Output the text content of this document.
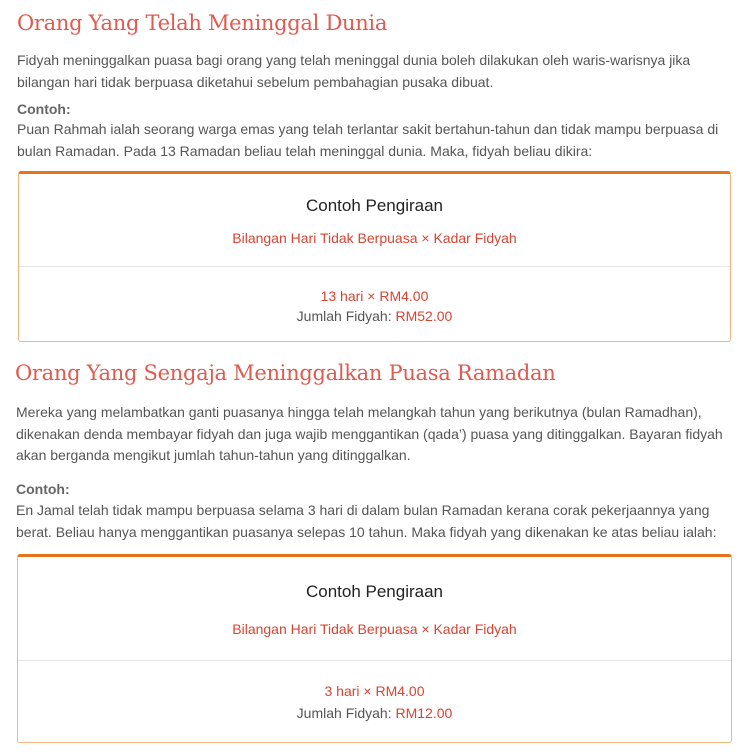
Orang Yang Telah Meninggal Dunia

Fidyah meninggalkan puasa bagi orang yang telah meninggal dunia boleh dilakukan oleh waris-warisnya jika bilangan hari tidak berpuasa diketahui sebelum pembahagian pusaka dibuat.

Contoh:

Puan Rahmah ialah seorang warga emas yang telah terlantar sakit bertahun-tahun dan tidak mampu berpuasa di bulan Ramadan. Pada 13 Ramadan beliau telah meninggal dunia. Maka, fidyah beliau dikira:

Contoh Pengiraan

Bilangan Hari Tidak Berpuasa × Kadar Fidyah
13 hari × RM4.00
Jumlah Fidyah: RM52.00
Orang Yang Sengaja Meninggalkan Puasa Ramadan

Mereka yang melambatkan ganti puasanya hingga telah melangkah tahun yang berikutnya (bulan Ramadhan), dikenakan denda membayar fidyah dan juga wajib menggantikan (qada’) puasa yang ditinggalkan. Bayaran fidyah akan berganda mengikut jumlah tahun-tahun yang ditinggalkan.

Contoh:

En Jamal telah tidak mampu berpuasa selama 3 hari di dalam bulan Ramadan kerana corak pekerjaannya yang berat. Beliau hanya menggantikan puasanya selepas 10 tahun. Maka fidyah yang dikenakan ke atas beliau ialah:

Contoh Pengiraan

Bilangan Hari Tidak Berpuasa × Kadar Fidyah
3 hari × RM4.00
Jumlah Fidyah: RM12.00
